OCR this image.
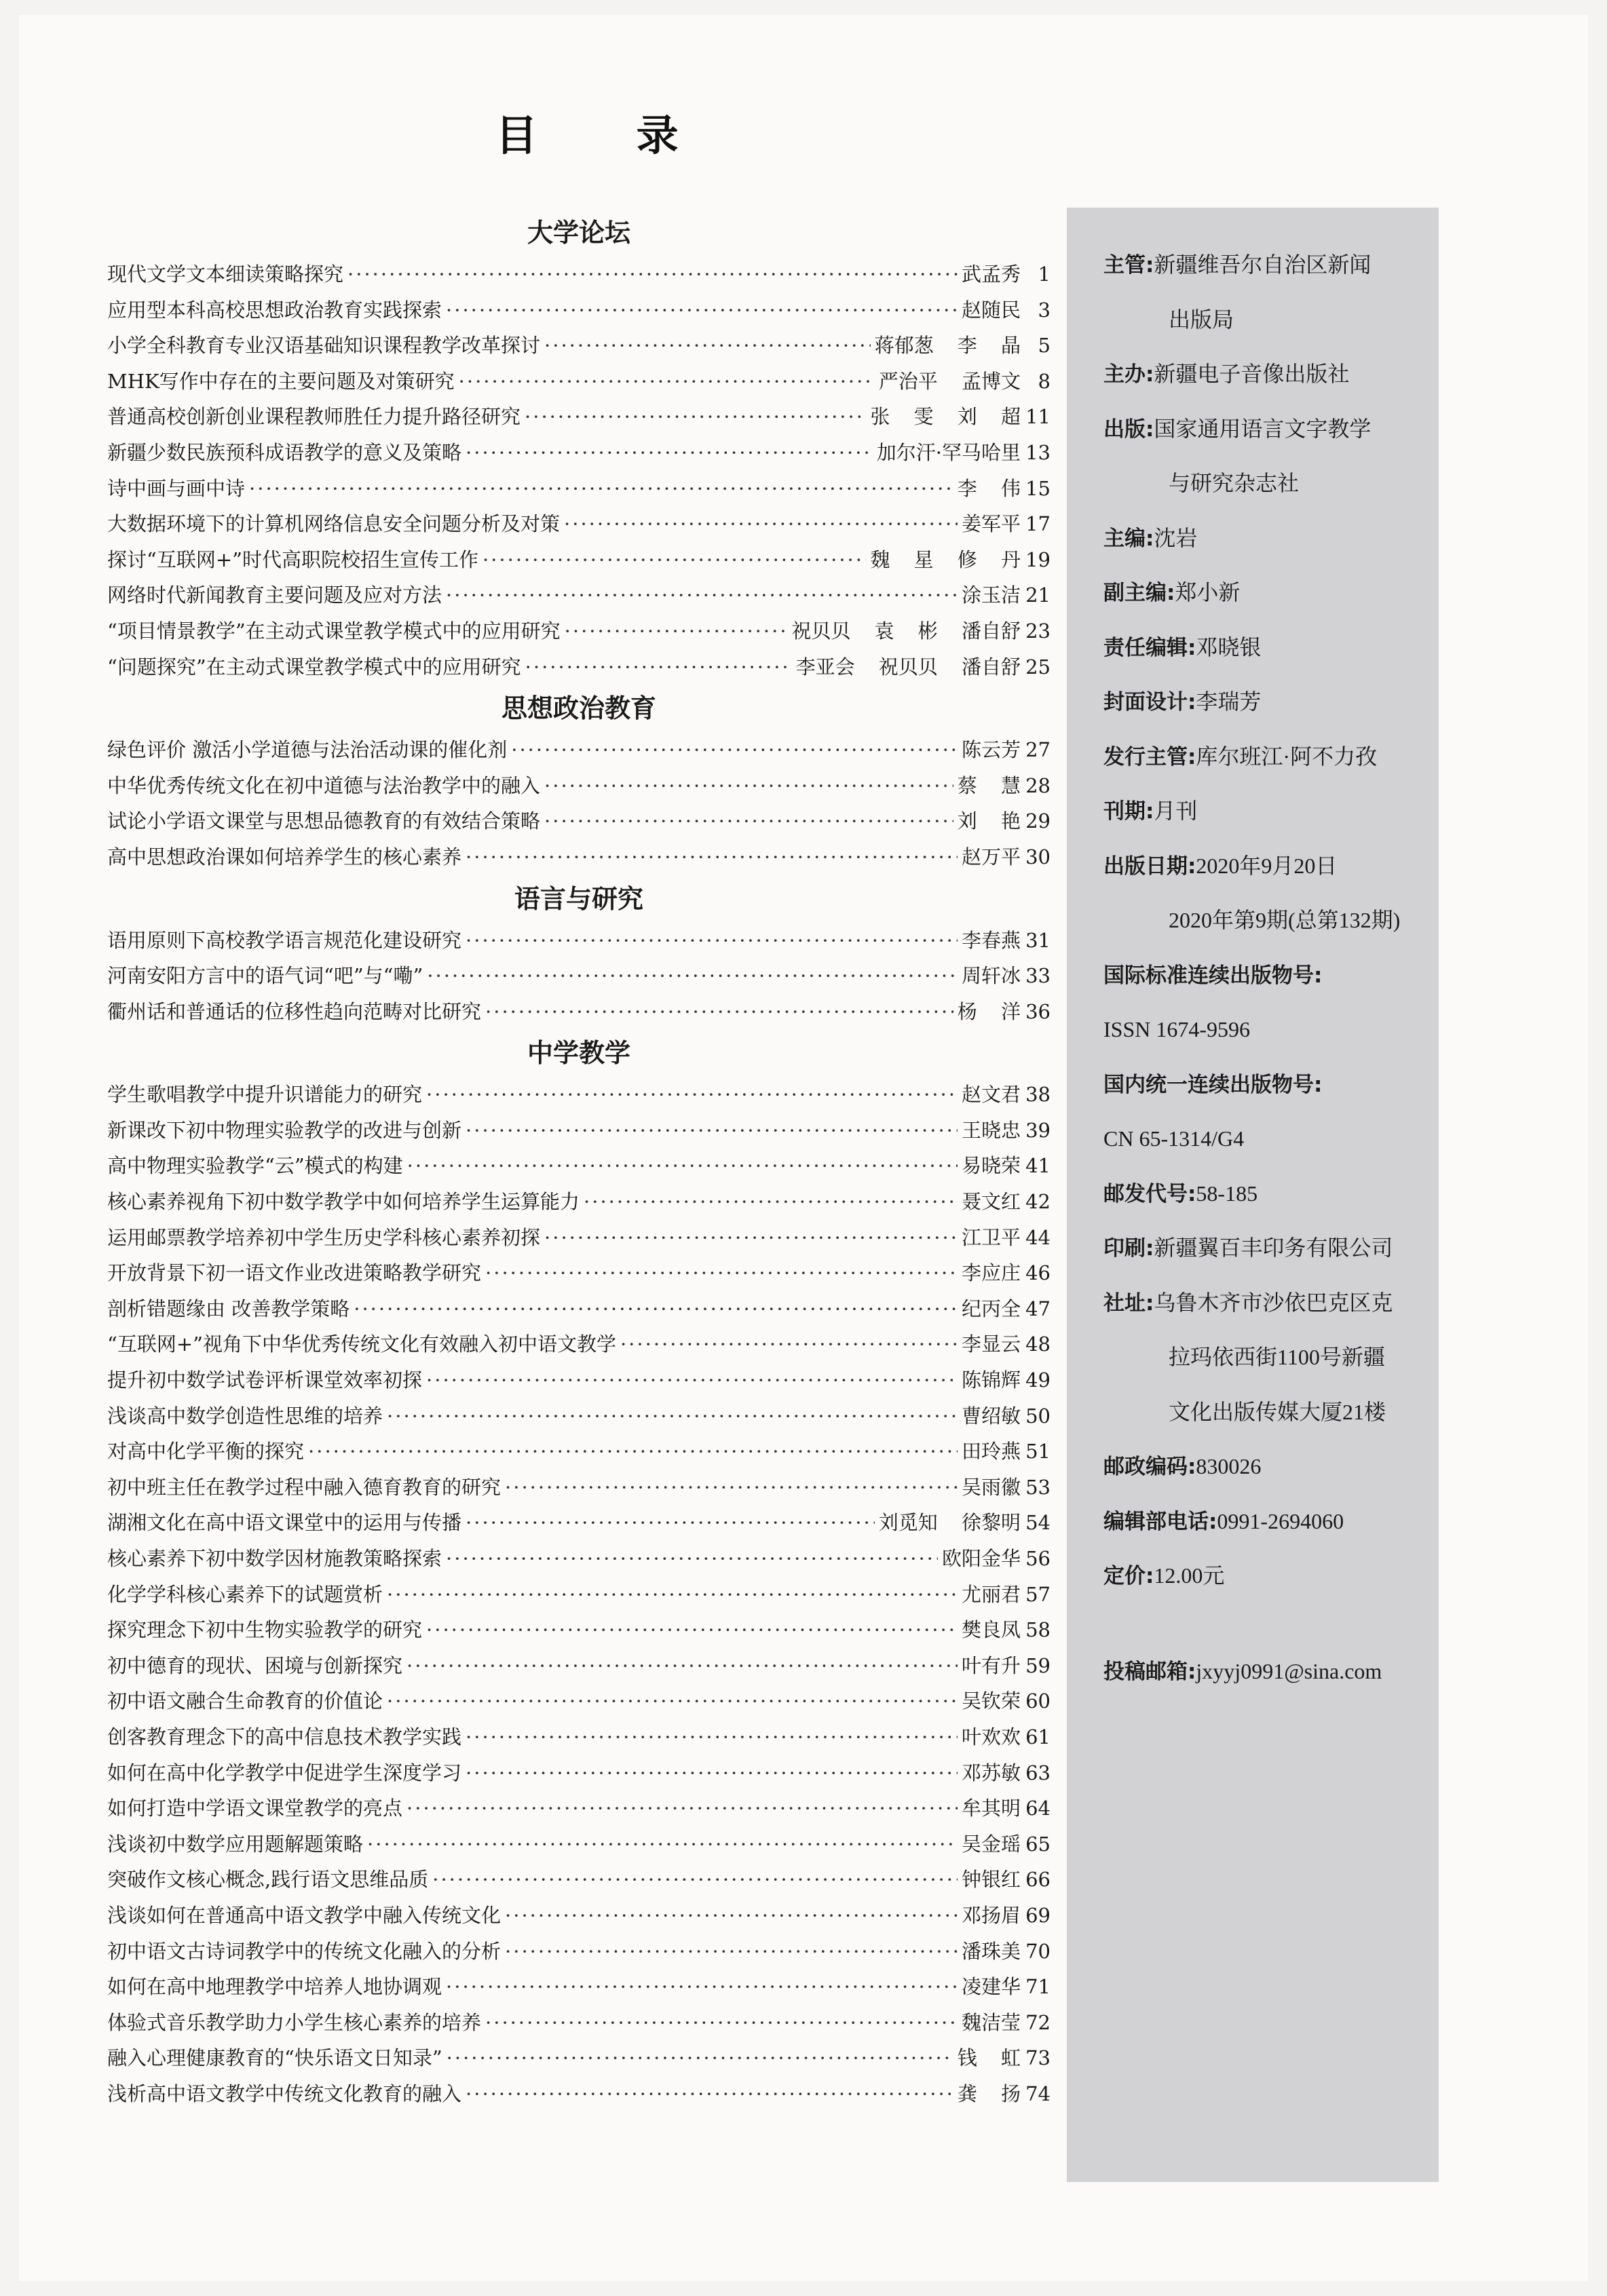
目 录
大学论坛
现代文学文本细读策略探究 ·····	武孟秀 1
应用型本科高校思想政治教育实践探索 ·····	赵随民 3
小学全科教育专业汉语基础知识课程教学改革探讨 ·····	蒋郁葱 李 晶 5
MHK写作中存在的主要问题及对策研究 ·····	严治平 孟博文 8
普通高校创新创业课程教师胜任力提升路径研究 ·····	张 雯 刘 超 11
新疆少数民族预科成语教学的意义及策略 ·····	加尔汗·罕马哈里 13
诗中画与画中诗 ·····	李 伟 15
大数据环境下的计算机网络信息安全问题分析及对策 ·····	姜军平 17
探讨“互联网+”时代高职院校招生宣传工作 ·····	魏 星 修 丹 19
网络时代新闻教育主要问题及应对方法 ·····	涂玉洁 21
“项目情景教学”在主动式课堂教学模式中的应用研究 ·····	祝贝贝 袁 彬 潘自舒 23
“问题探究”在主动式课堂教学模式中的应用研究 ·····	李亚会 祝贝贝 潘自舒 25
思想政治教育
绿色评价 激活小学道德与法治活动课的催化剂 ·····	陈云芳 27
中华优秀传统文化在初中道德与法治教学中的融入 ·····	蔡 慧 28
试论小学语文课堂与思想品德教育的有效结合策略 ·····	刘 艳 29
高中思想政治课如何培养学生的核心素养 ·····	赵万平 30
语言与研究
语用原则下高校教学语言规范化建设研究 ·····	李春燕 31
河南安阳方言中的语气词“吧”与“嘞” ·····	周轩冰 33
衢州话和普通话的位移性趋向范畴对比研究 ·····	杨 洋 36
中学教学
学生歌唱教学中提升识谱能力的研究 ·····	赵文君 38
新课改下初中物理实验教学的改进与创新 ·····	王晓忠 39
高中物理实验教学“云”模式的构建 ·····	易晓荣 41
核心素养视角下初中数学教学中如何培养学生运算能力 ·····	聂文红 42
运用邮票教学培养初中学生历史学科核心素养初探 ·····	江卫平 44
开放背景下初一语文作业改进策略教学研究 ·····	李应庄 46
剖析错题缘由 改善教学策略 ·····	纪丙全 47
“互联网+”视角下中华优秀传统文化有效融入初中语文教学 ·····	李显云 48
提升初中数学试卷评析课堂效率初探 ·····	陈锦辉 49
浅谈高中数学创造性思维的培养 ·····	曹绍敏 50
对高中化学平衡的探究 ·····	田玲燕 51
初中班主任在教学过程中融入德育教育的研究 ·····	吴雨徽 53
湖湘文化在高中语文课堂中的运用与传播 ·····	刘觅知 徐黎明 54
核心素养下初中数学因材施教策略探索 ·····	欧阳金华 56
化学学科核心素养下的试题赏析 ·····	尤丽君 57
探究理念下初中生物实验教学的研究 ·····	樊良凤 58
初中德育的现状、困境与创新探究 ·····	叶有升 59
初中语文融合生命教育的价值论 ·····	吴钦荣 60
创客教育理念下的高中信息技术教学实践 ·····	叶欢欢 61
如何在高中化学教学中促进学生深度学习 ·····	邓苏敏 63
如何打造中学语文课堂教学的亮点 ·····	牟其明 64
浅谈初中数学应用题解题策略 ·····	吴金瑶 65
突破作文核心概念,践行语文思维品质 ·····	钟银红 66
浅谈如何在普通高中语文教学中融入传统文化 ·····	邓扬眉 69
初中语文古诗词教学中的传统文化融入的分析 ·····	潘珠美 70
如何在高中地理教学中培养人地协调观 ·····	凌建华 71
体验式音乐教学助力小学生核心素养的培养 ·····	魏洁莹 72
融入心理健康教育的“快乐语文日知录” ·····	钱 虹 73
浅析高中语文教学中传统文化教育的融入 ·····	龚 扬 74
主管:新疆维吾尔自治区新闻
出版局
主办:新疆电子音像出版社
出版:国家通用语言文字教学
与研究杂志社
主编:沈岩
副主编:郑小新
责任编辑:邓晓银
封面设计:李瑞芳
发行主管:库尔班江·阿不力孜
刊期:月刊
出版日期:2020年9月20日
2020年第9期(总第132期)
国际标准连续出版物号:
ISSN 1674-9596
国内统一连续出版物号:
CN 65-1314/G4
邮发代号:58-185
印刷:新疆翼百丰印务有限公司
社址:乌鲁木齐市沙依巴克区克
拉玛依西街1100号新疆
文化出版传媒大厦21楼
邮政编码:830026
编辑部电话:0991-2694060
定价:12.00元
投稿邮箱:jxyyj0991@sina.com
